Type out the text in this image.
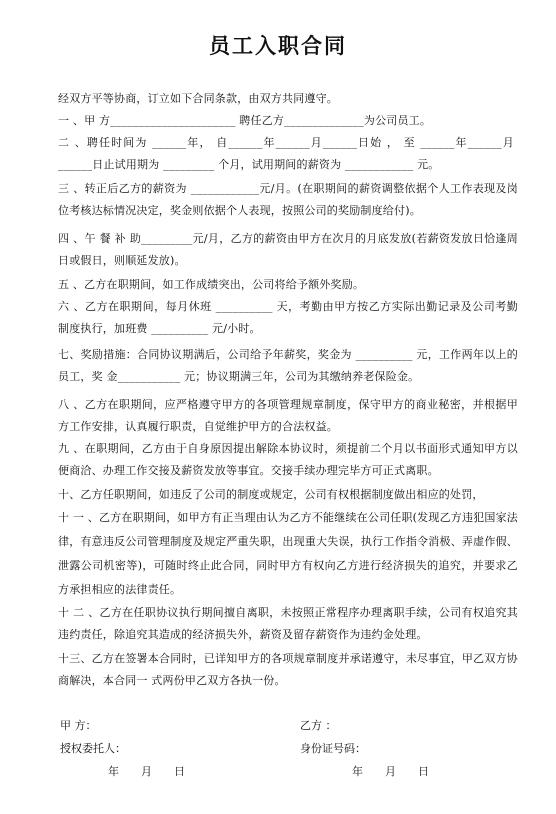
员工入职合同
经双方平等协商，订立如下合同条款，由双方共同遵守。
一 、甲 方______________________ 聘任乙方______________为公司员工。
二 、聘任时间为 ______年， 自______年______月______日始 ， 至 ______年______月______日止试用期为 _________ 个月，试用期间的薪资为 ____________ 元。
三 、转正后乙方的薪资为 ____________元/月。(在职期间的薪资调整依据个人工作表现及岗位考核达标情况决定，奖金则依据个人表现，按照公司的奖励制度给付)。
四 、午 餐 补 助_________元/月，乙方的薪资由甲方在次月的月底发放(若薪资发放日恰逢周日或假日，则顺延发放)。
五 、乙方在职期间，如工作成绩突出，公司将给予额外奖励。
六 、乙方在职期间，每月休班 __________ 天，考勤由甲方按乙方实际出勤记录及公司考勤制度执行，加班费 __________ 元/小时。
七、奖励措施：合同协议期满后，公司给予年薪奖，奖金为 __________ 元，工作两年以上的员工，奖 金___________ 元；协议期满三年，公司为其缴纳养老保险金。
八 、乙方在职期间，应严格遵守甲方的各项管理规章制度，保守甲方的商业秘密，并根据甲方工作安排，认真履行职责，自觉维护甲方的合法权益。
九 、在职期间，乙方由于自身原因提出解除本协议时，须提前二个月以书面形式通知甲方以便商洽、办理工作交接及薪资发放等事宜。交接手续办理完毕方可正式离职。
十、乙方任职期间，如违反了公司的制度或规定，公司有权根据制度做出相应的处罚，
十 一 、乙方在职期间，如甲方有正当理由认为乙方不能继续在公司任职(发现乙方违犯国家法律，有意违反公司管理制度及规定严重失职，出现重大失误，执行工作指令消极、弄虚作假、泄露公司机密等)，可随时终止此合同，同时甲方有权向乙方进行经济损失的追究，并要求乙方承担相应的法律责任。
十 二 、乙方在任职协议执行期间擅自离职，未按照正常程序办理离职手续，公司有权追究其违约责任，除追究其造成的经济损失外，薪资及留存薪资作为违约金处理。
十三、乙方在签署本合同时，已详知甲方的各项规章制度并承诺遵守，未尽事宜，甲乙双方协商解决，本合同一 式两份甲乙双方各执一份。
甲 方：	乙方 ：
授权委托人：	身份证号码：
年　　月　　日	年　　月　　日
